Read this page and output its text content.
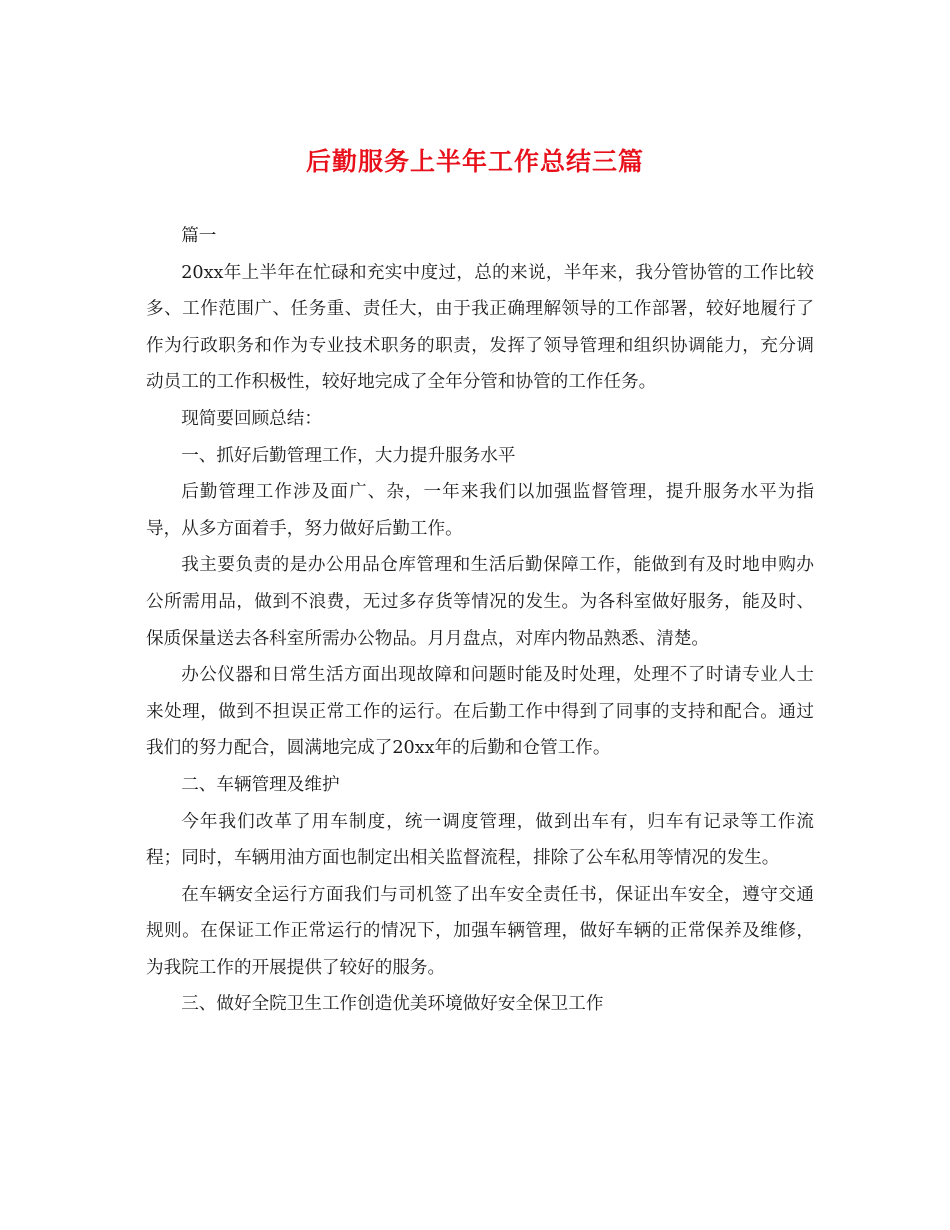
后勤服务上半年工作总结三篇

篇一

20xx年上半年在忙碌和充实中度过，总的来说，半年来，我分管协管的工作比较多、工作范围广、任务重、责任大，由于我正确理解领导的工作部署，较好地履行了作为行政职务和作为专业技术职务的职责，发挥了领导管理和组织协调能力，充分调动员工的工作积极性，较好地完成了全年分管和协管的工作任务。

现简要回顾总结：

一、抓好后勤管理工作，大力提升服务水平

后勤管理工作涉及面广、杂，一年来我们以加强监督管理，提升服务水平为指导，从多方面着手，努力做好后勤工作。

我主要负责的是办公用品仓库管理和生活后勤保障工作，能做到有及时地申购办公所需用品，做到不浪费，无过多存货等情况的发生。为各科室做好服务，能及时、保质保量送去各科室所需办公物品。月月盘点，对库内物品熟悉、清楚。

办公仪器和日常生活方面出现故障和问题时能及时处理，处理不了时请专业人士来处理，做到不担误正常工作的运行。在后勤工作中得到了同事的支持和配合。通过我们的努力配合，圆满地完成了20xx年的后勤和仓管工作。

二、车辆管理及维护

今年我们改革了用车制度，统一调度管理，做到出车有，归车有记录等工作流程；同时，车辆用油方面也制定出相关监督流程，排除了公车私用等情况的发生。

在车辆安全运行方面我们与司机签了出车安全责任书，保证出车安全，遵守交通规则。在保证工作正常运行的情况下，加强车辆管理，做好车辆的正常保养及维修，为我院工作的开展提供了较好的服务。

三、做好全院卫生工作创造优美环境做好安全保卫工作
